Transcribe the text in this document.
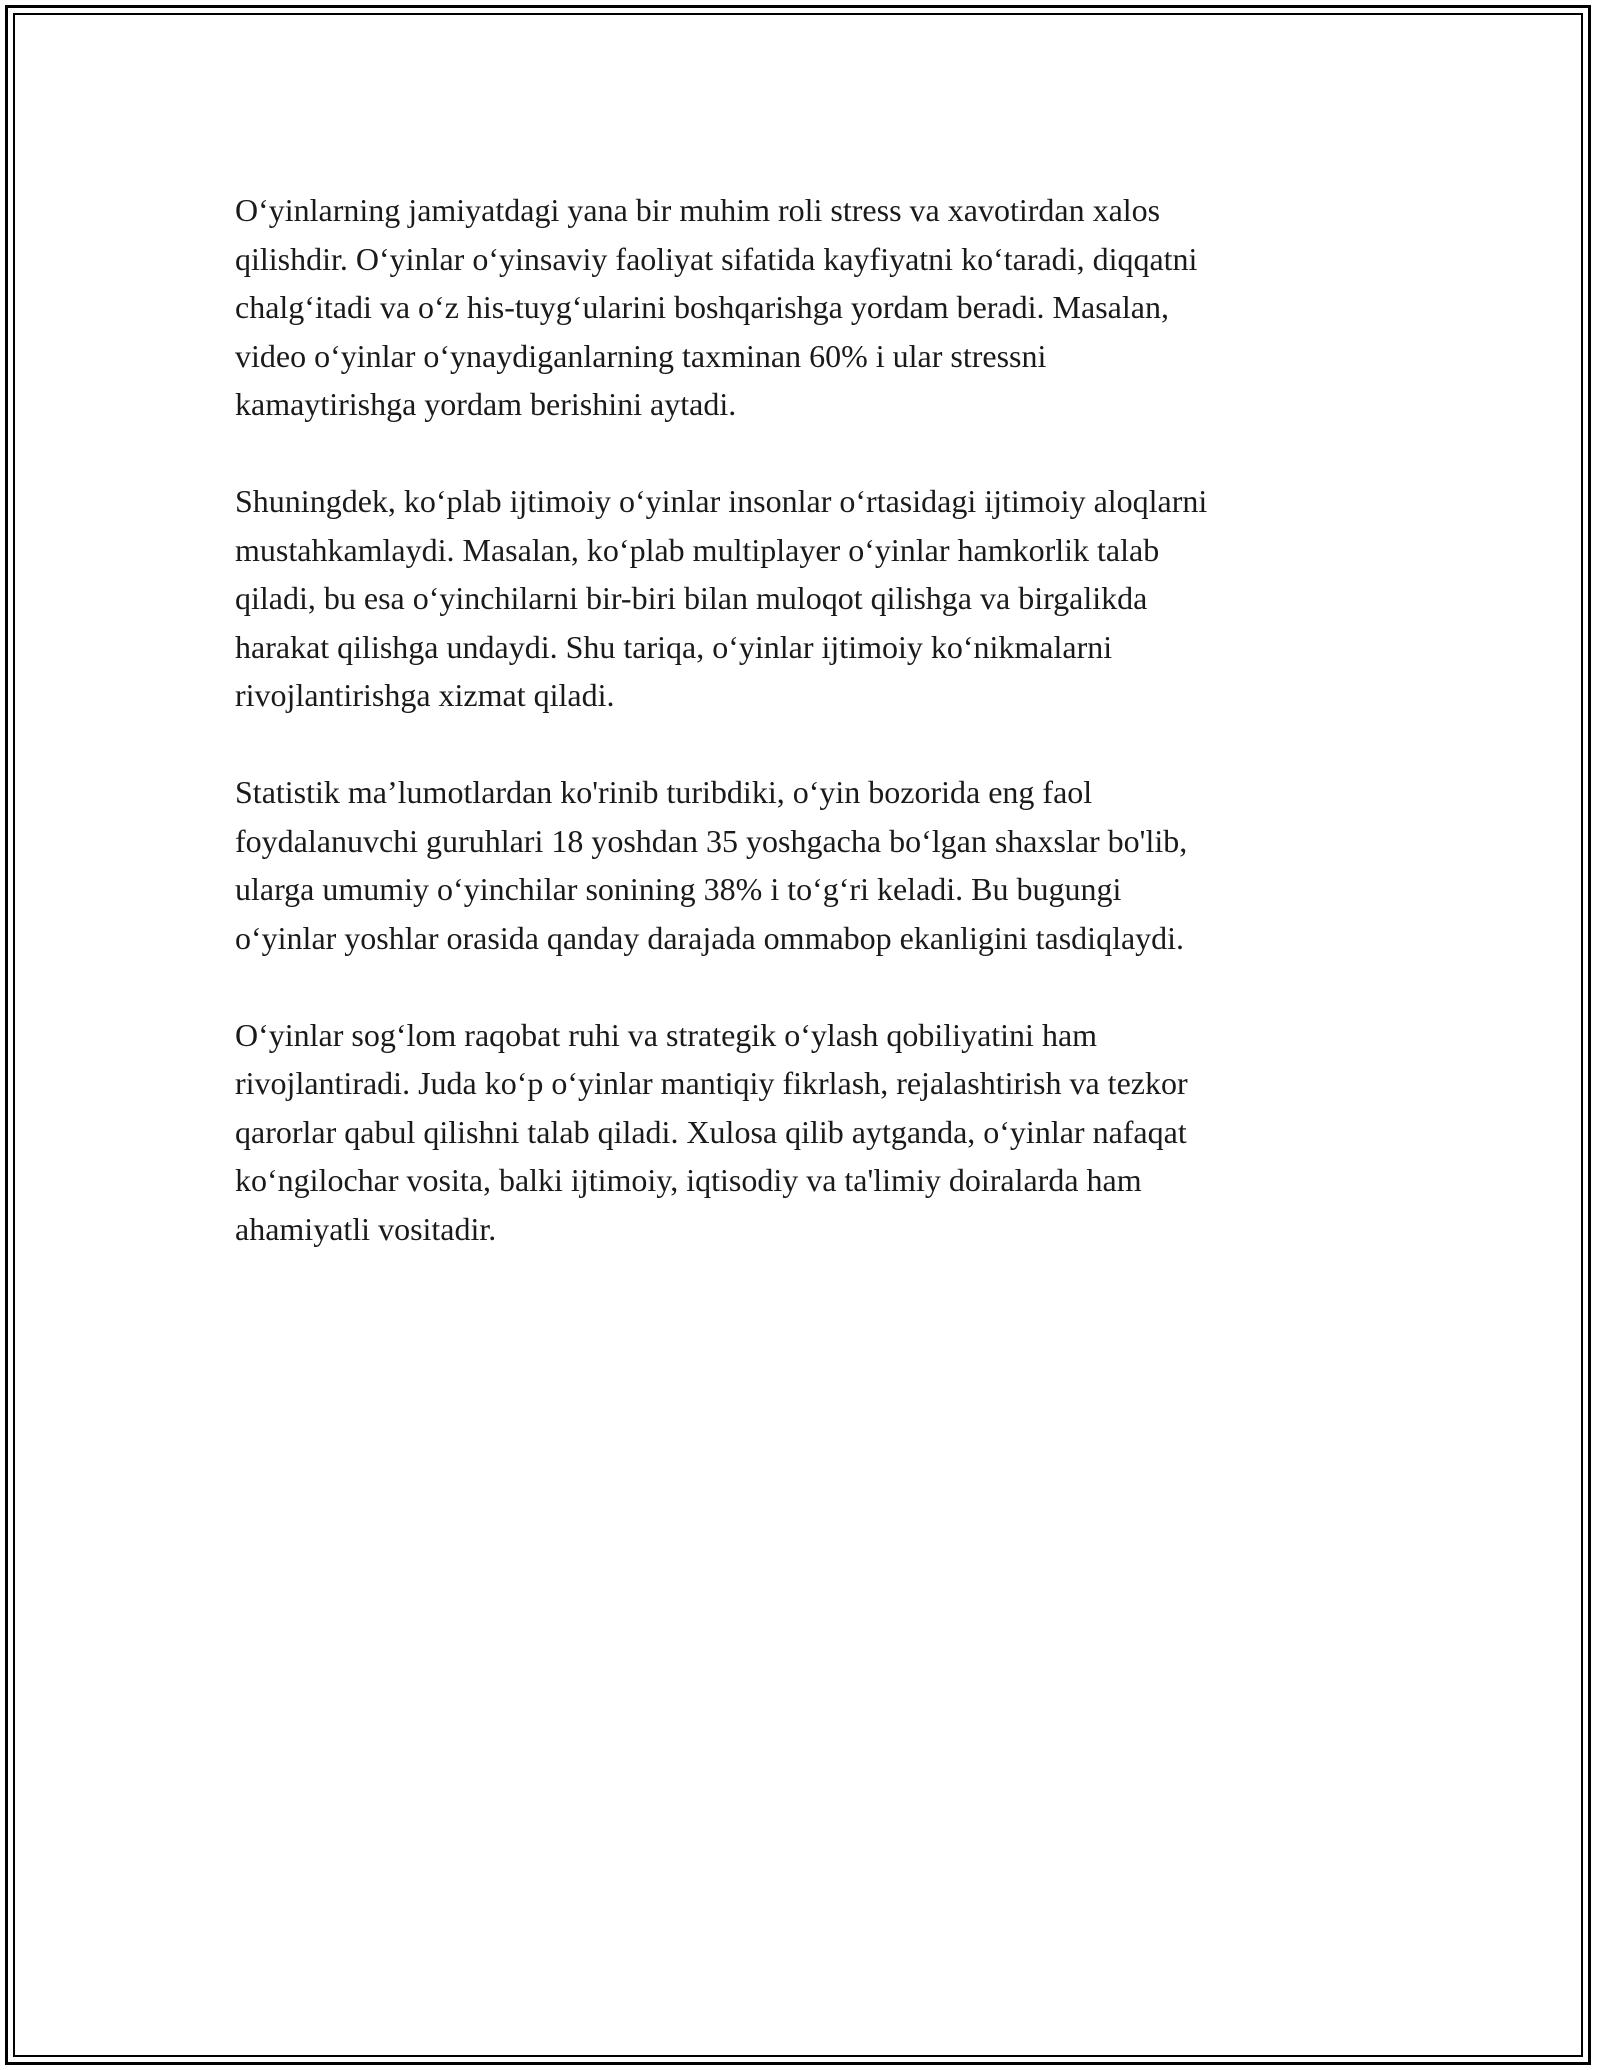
O‘yinlarning jamiyatdagi yana bir muhim roli stress va xavotirdan xalos
qilishdir. O‘yinlar o‘yinsaviy faoliyat sifatida kayfiyatni ko‘taradi, diqqatni
chalg‘itadi va o‘z his-tuyg‘ularini boshqarishga yordam beradi. Masalan,
video o‘yinlar o‘ynaydiganlarning taxminan 60% i ular stressni
kamaytirishga yordam berishini aytadi.

Shuningdek, ko‘plab ijtimoiy o‘yinlar insonlar o‘rtasidagi ijtimoiy aloqlarni
mustahkamlaydi. Masalan, ko‘plab multiplayer o‘yinlar hamkorlik talab
qiladi, bu esa o‘yinchilarni bir-biri bilan muloqot qilishga va birgalikda
harakat qilishga undaydi. Shu tariqa, o‘yinlar ijtimoiy ko‘nikmalarni
rivojlantirishga xizmat qiladi.

Statistik ma’lumotlardan ko'rinib turibdiki, o‘yin bozorida eng faol
foydalanuvchi guruhlari 18 yoshdan 35 yoshgacha bo‘lgan shaxslar bo'lib,
ularga umumiy o‘yinchilar sonining 38% i to‘g‘ri keladi. Bu bugungi
o‘yinlar yoshlar orasida qanday darajada ommabop ekanligini tasdiqlaydi.

O‘yinlar sog‘lom raqobat ruhi va strategik o‘ylash qobiliyatini ham
rivojlantiradi. Juda ko‘p o‘yinlar mantiqiy fikrlash, rejalashtirish va tezkor
qarorlar qabul qilishni talab qiladi. Xulosa qilib aytganda, o‘yinlar nafaqat
ko‘ngilochar vosita, balki ijtimoiy, iqtisodiy va ta'limiy doiralarda ham
ahamiyatli vositadir.
